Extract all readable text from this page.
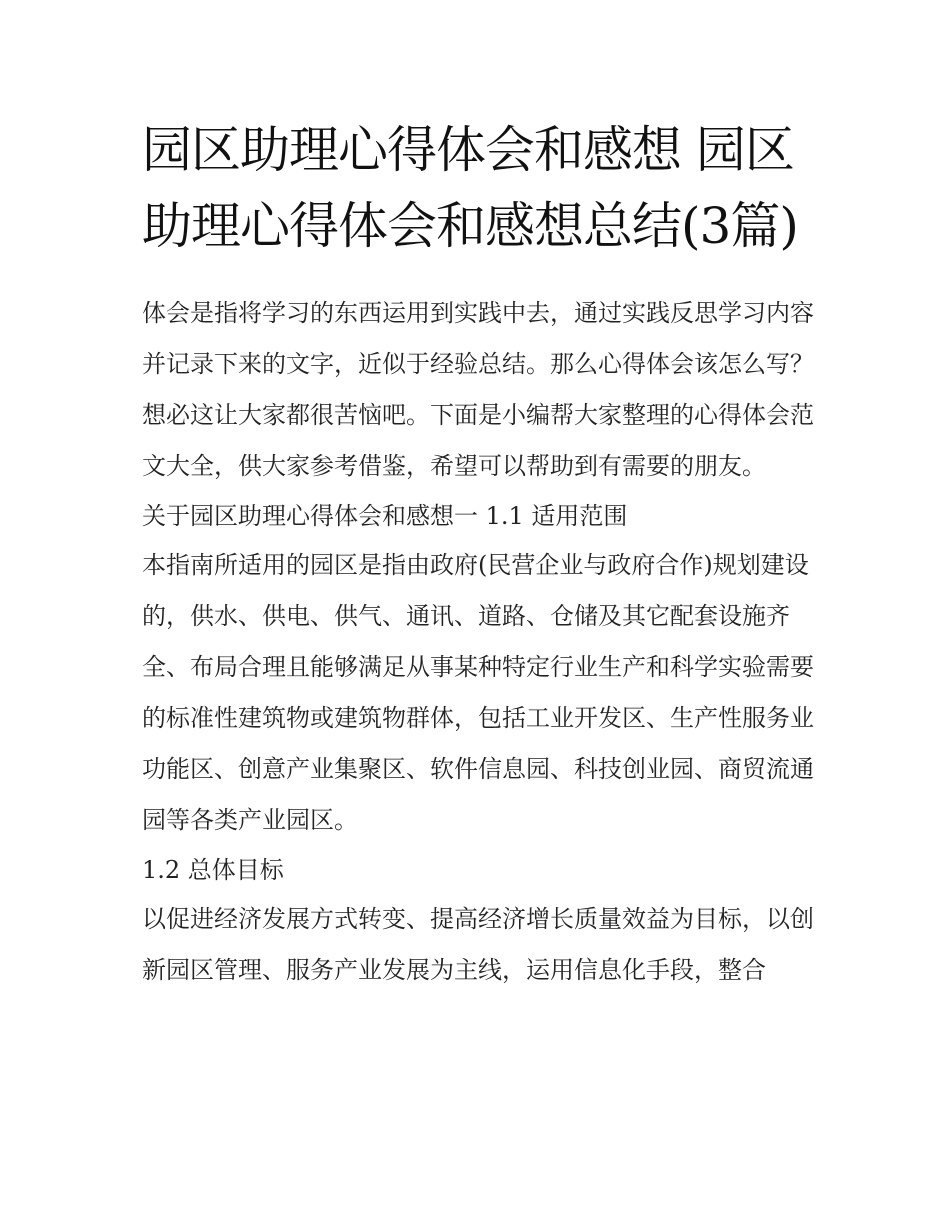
园区助理心得体会和感想 园区助理心得体会和感想总结(3篇)

体会是指将学习的东西运用到实践中去，通过实践反思学习内容并记录下来的文字，近似于经验总结。那么心得体会该怎么写？想必这让大家都很苦恼吧。下面是小编帮大家整理的心得体会范文大全，供大家参考借鉴，希望可以帮助到有需要的朋友。

关于园区助理心得体会和感想一 1.1 适用范围

本指南所适用的园区是指由政府(民营企业与政府合作)规划建设的，供水、供电、供气、通讯、道路、仓储及其它配套设施齐全、布局合理且能够满足从事某种特定行业生产和科学实验需要的标准性建筑物或建筑物群体，包括工业开发区、生产性服务业功能区、创意产业集聚区、软件信息园、科技创业园、商贸流通园等各类产业园区。

1.2 总体目标

以促进经济发展方式转变、提高经济增长质量效益为目标，以创新园区管理、服务产业发展为主线，运用信息化手段，整合
